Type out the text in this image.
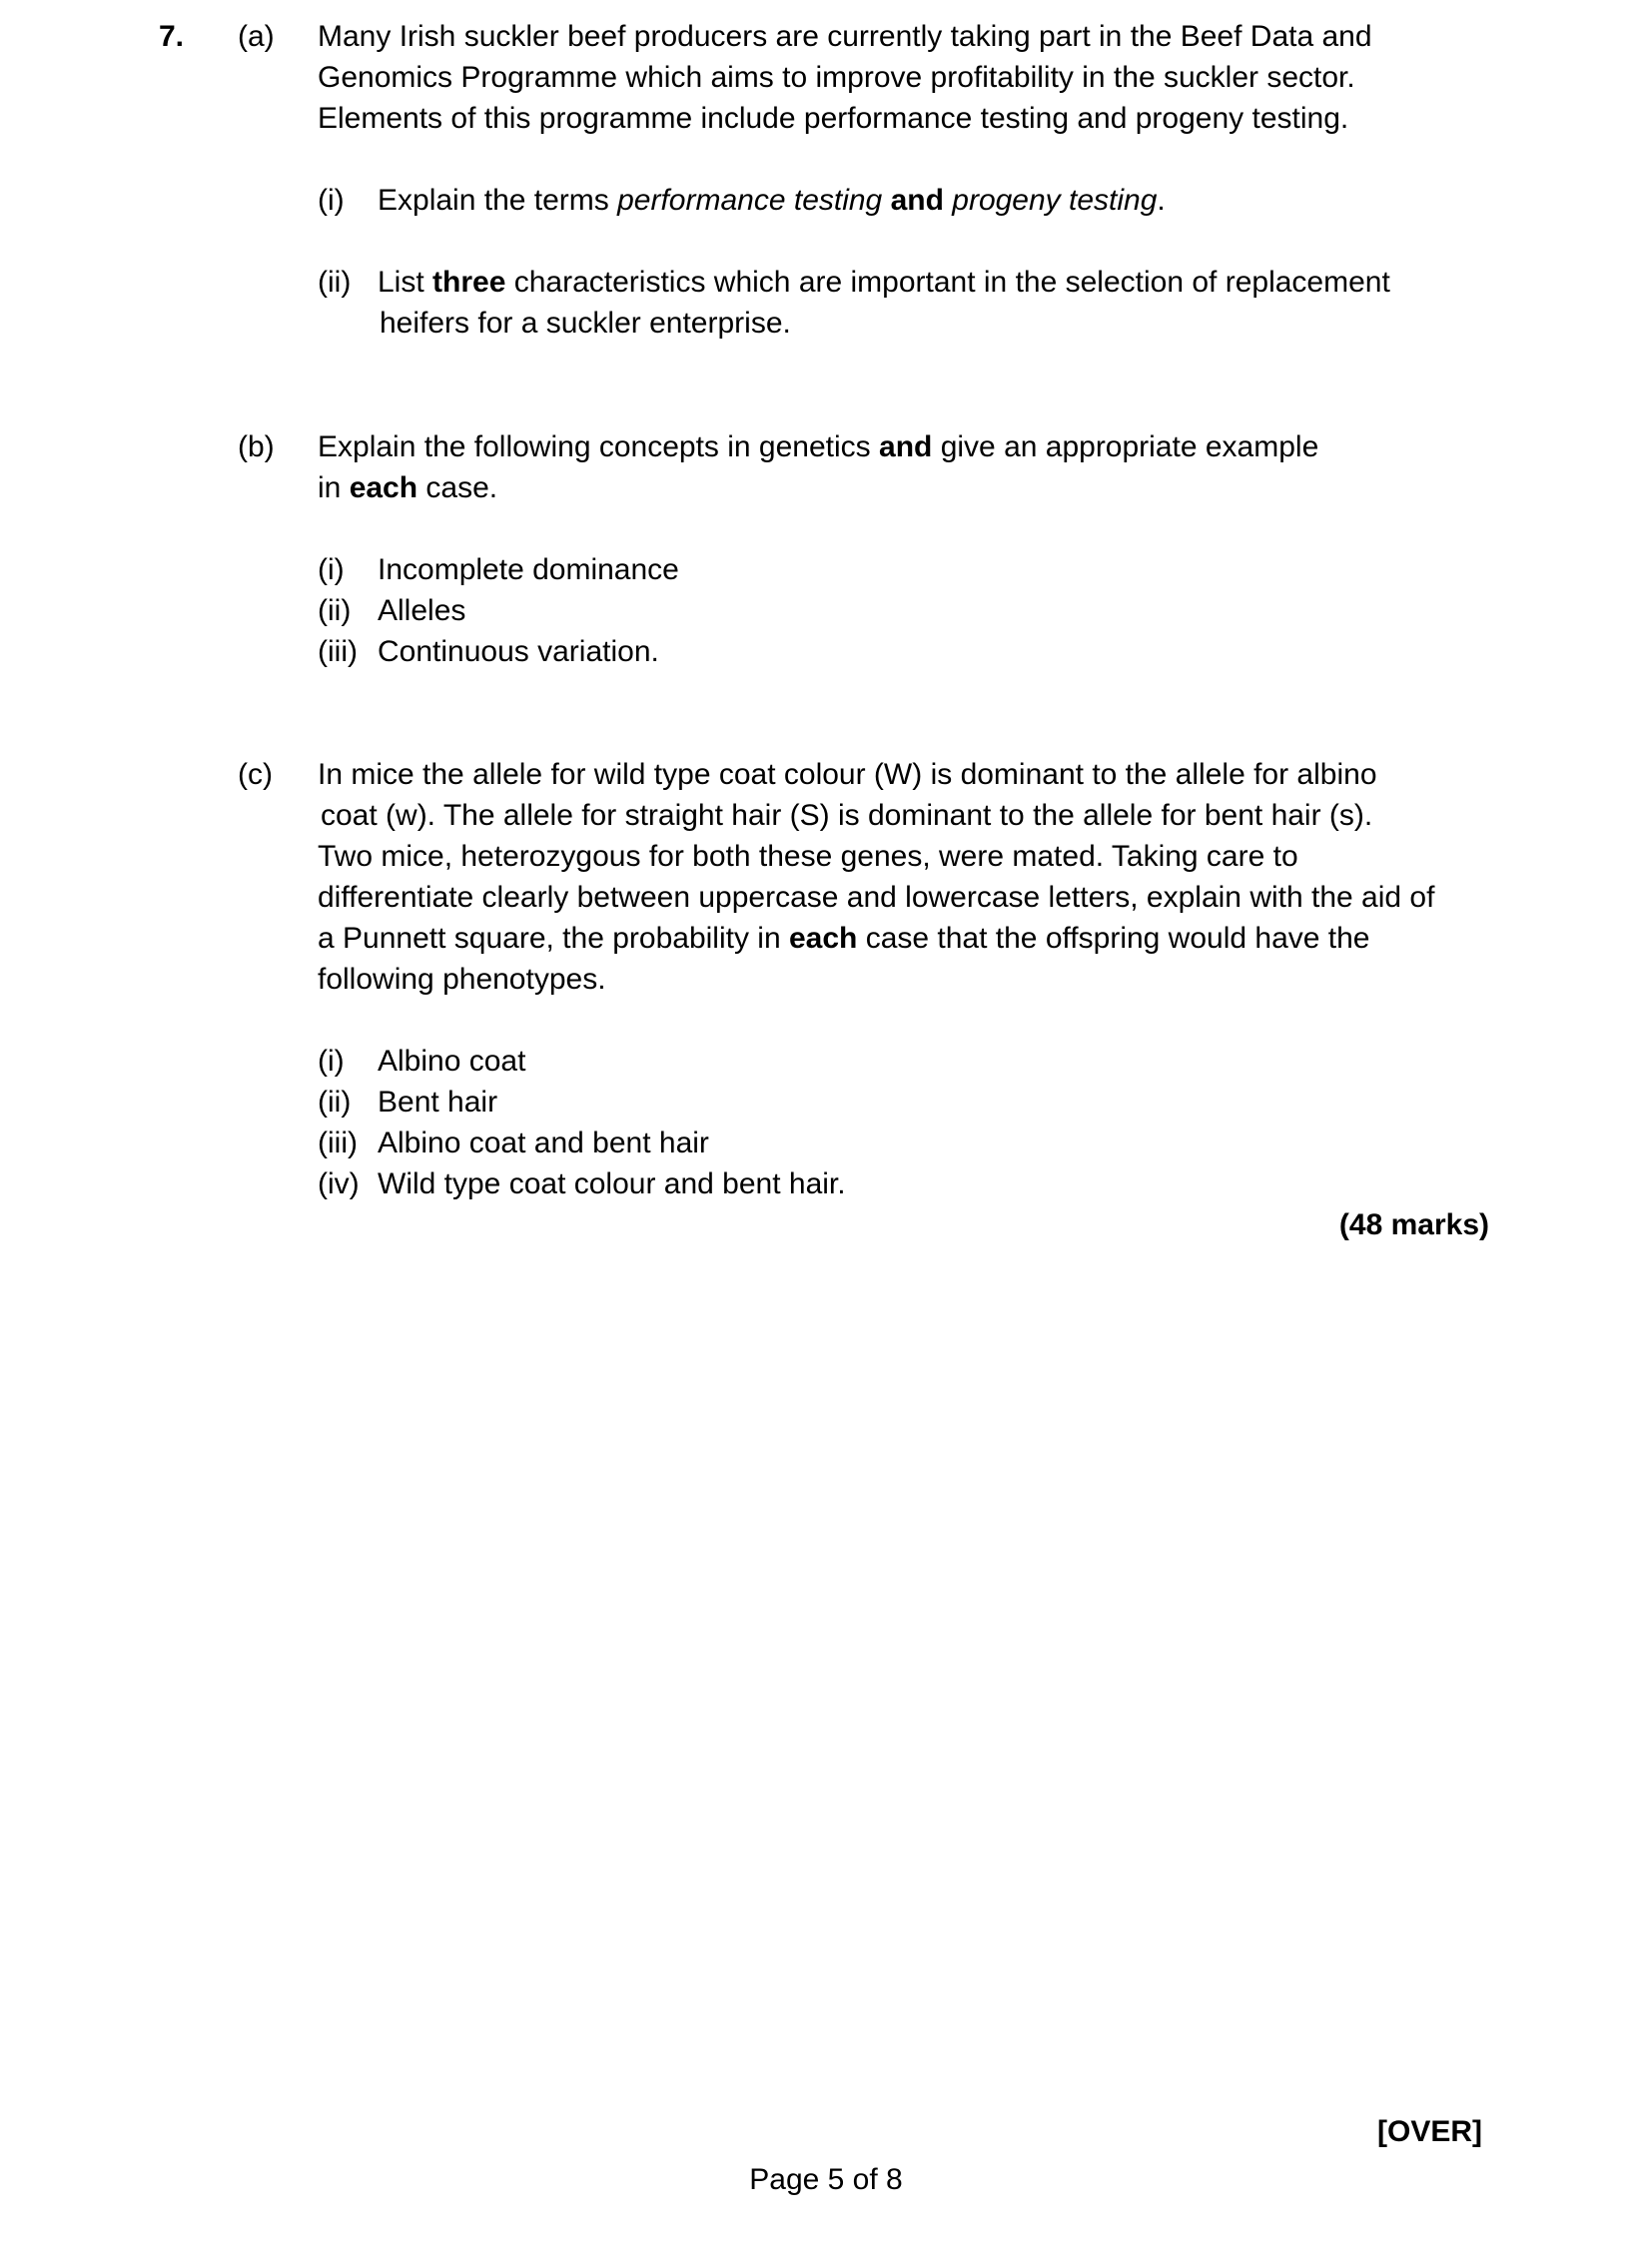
7. (a) Many Irish suckler beef producers are currently taking part in the Beef Data and
Genomics Programme which aims to improve profitability in the suckler sector.
Elements of this programme include performance testing and progeny testing.
(i) Explain the terms performance testing and progeny testing.
(ii) List three characteristics which are important in the selection of replacement
heifers for a suckler enterprise.
(b) Explain the following concepts in genetics and give an appropriate example
in each case.
(i) Incomplete dominance
(ii) Alleles
(iii) Continuous variation.
(c) In mice the allele for wild type coat colour (W) is dominant to the allele for albino
coat (w). The allele for straight hair (S) is dominant to the allele for bent hair (s).
Two mice, heterozygous for both these genes, were mated. Taking care to
differentiate clearly between uppercase and lowercase letters, explain with the aid of
a Punnett square, the probability in each case that the offspring would have the
following phenotypes.
(i) Albino coat
(ii) Bent hair
(iii) Albino coat and bent hair
(iv) Wild type coat colour and bent hair.
(48 marks)
[OVER]
Page 5 of 8
